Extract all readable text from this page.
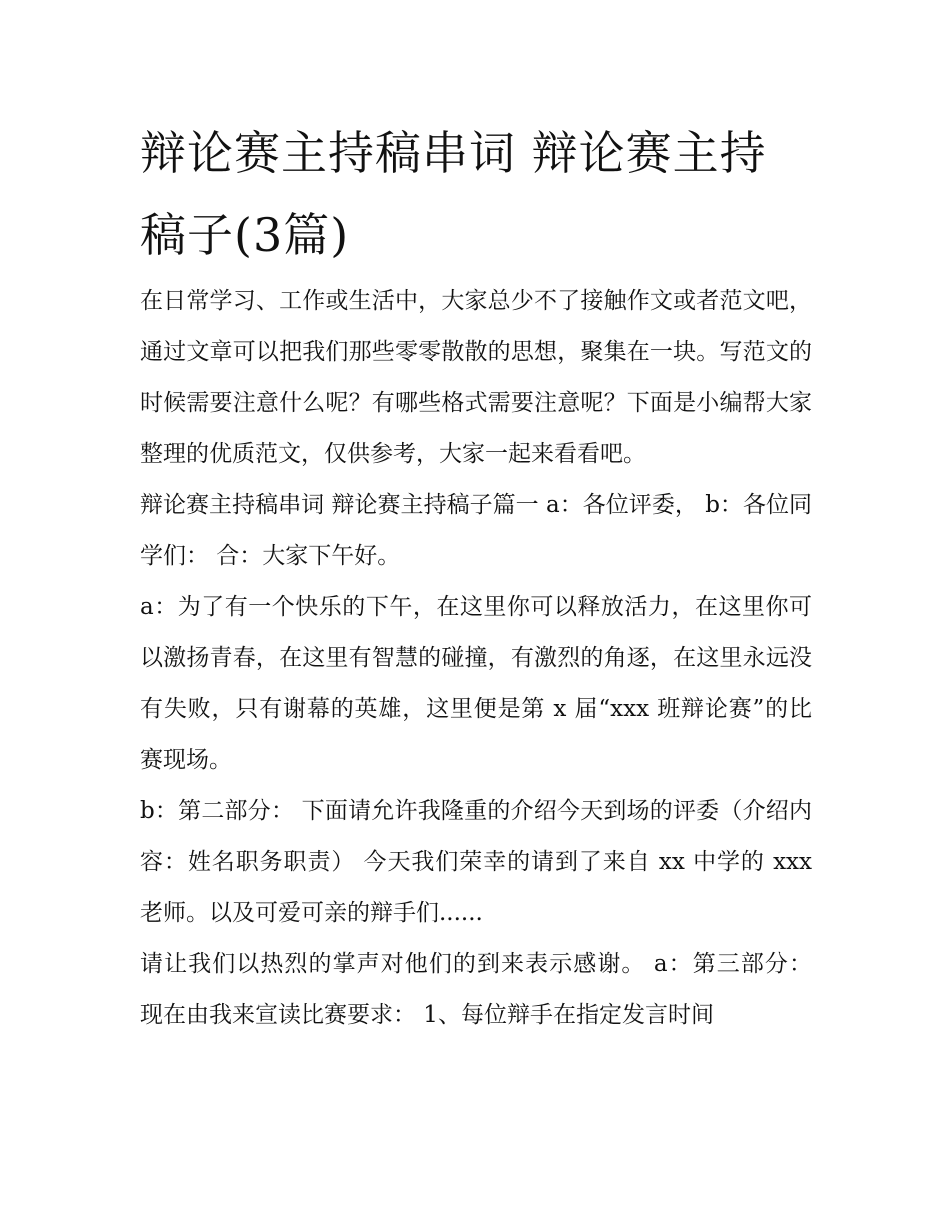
辩论赛主持稿串词 辩论赛主持稿子(3篇)

在日常学习、工作或生活中，大家总少不了接触作文或者范文吧，通过文章可以把我们那些零零散散的思想，聚集在一块。写范文的时候需要注意什么呢？有哪些格式需要注意呢？下面是小编帮大家整理的优质范文，仅供参考，大家一起来看看吧。

辩论赛主持稿串词 辩论赛主持稿子篇一 a：各位评委， b：各位同学们： 合：大家下午好。

a：为了有一个快乐的下午，在这里你可以释放活力，在这里你可以激扬青春，在这里有智慧的碰撞，有激烈的角逐，在这里永远没有失败，只有谢幕的英雄，这里便是第 x 届“xxx 班辩论赛”的比赛现场。

b：第二部分： 下面请允许我隆重的介绍今天到场的评委（介绍内容：姓名职务职责） 今天我们荣幸的请到了来自 xx 中学的 xxx 老师。以及可爱可亲的辩手们......

请让我们以热烈的掌声对他们的到来表示感谢。 a：第三部分： 现在由我来宣读比赛要求： 1、每位辩手在指定发言时间
